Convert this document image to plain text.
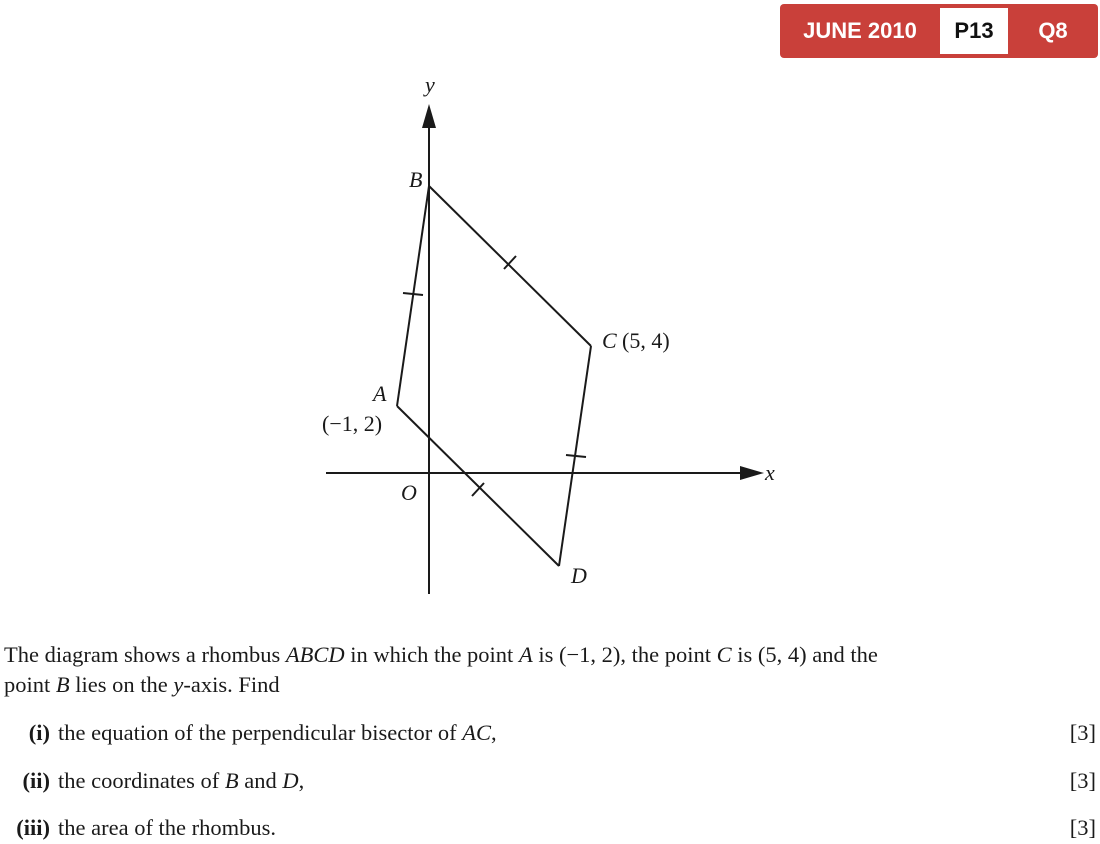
JUNE 2010	P13	Q8
y
x
O
B
A
(−1, 2)
C (5, 4)
D
The diagram shows a rhombus ABCD in which the point A is (−1, 2), the point C is (5, 4) and the
point B lies on the y-axis. Find
(i) the equation of the perpendicular bisector of AC,	[3]
(ii) the coordinates of B and D,	[3]
(iii) the area of the rhombus.	[3]
